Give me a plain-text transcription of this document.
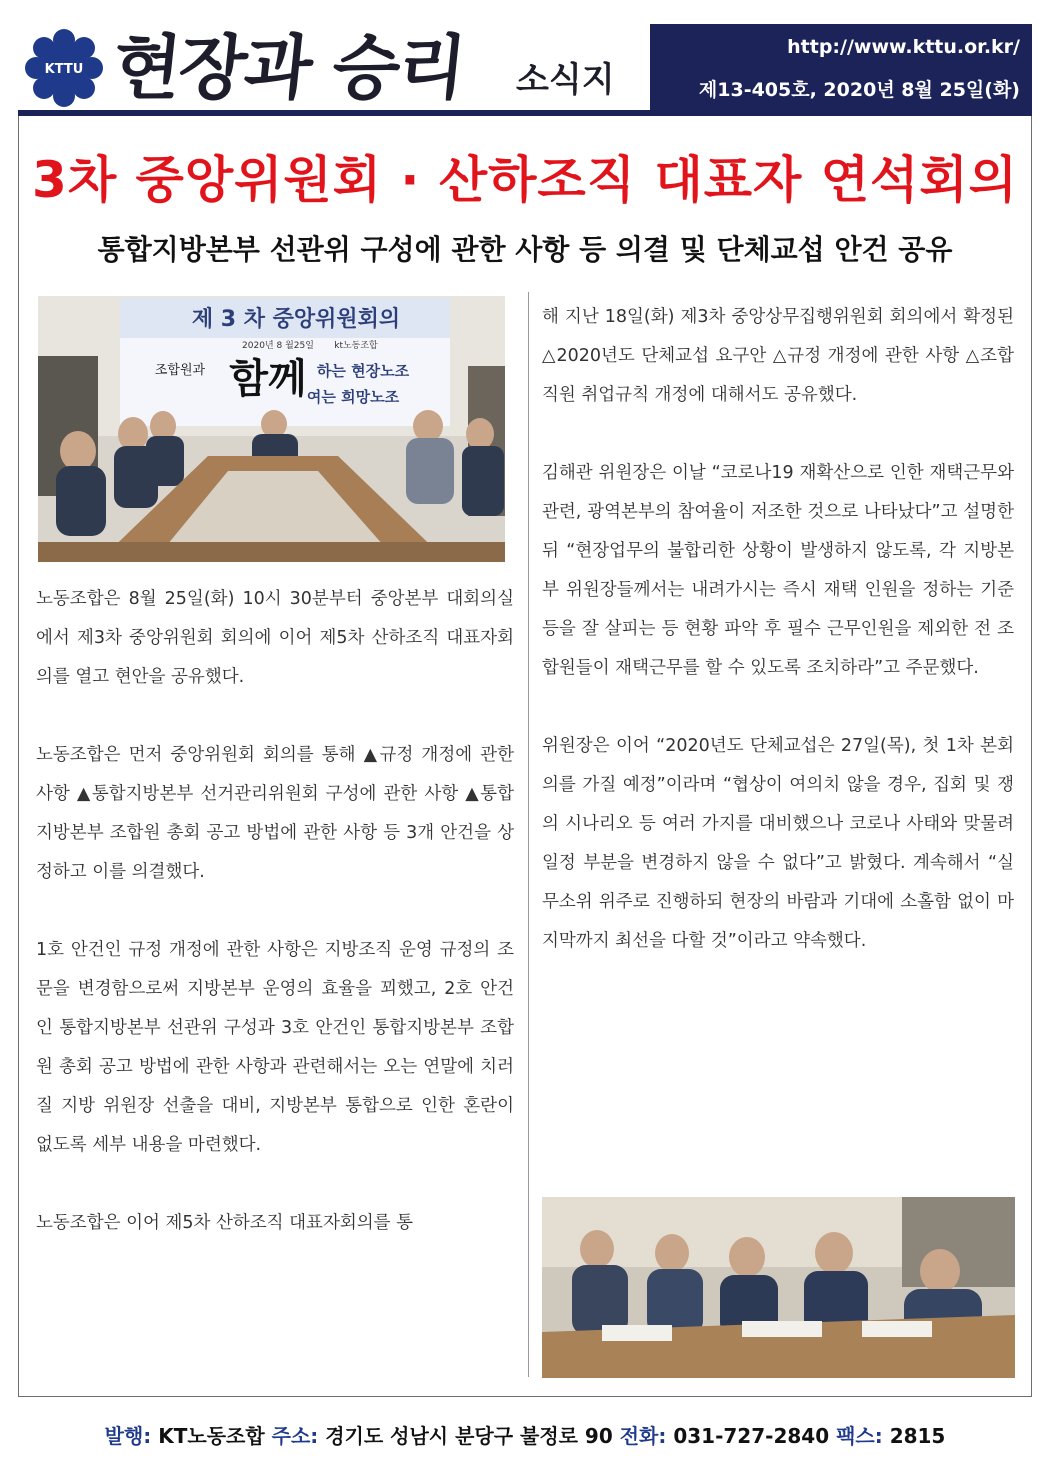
KTTU 현장과 승리 소식지
http://www.kttu.or.kr/
제13-405호, 2020년 8월 25일(화)
3차 중앙위원회 · 산하조직 대표자 연석회의
통합지방본부 선관위 구성에 관한 사항 등 의결 및 단체교섭 안건 공유
제 3 차 중앙위원회의
2020년 8 월25일 kt노동조합
조합원과 함께 하는 현장노조
여는 희망노조

노동조합은 8월 25일(화) 10시 30분부터 중앙본부 대회의실에서 제3차 중앙위원회 회의에 이어 제5차 산하조직 대표자회의를 열고 현안을 공유했다.

노동조합은 먼저 중앙위원회 회의를 통해 ▲규정 개정에 관한 사항 ▲통합지방본부 선거관리위원회 구성에 관한 사항 ▲통합지방본부 조합원 총회 공고 방법에 관한 사항 등 3개 안건을 상정하고 이를 의결했다.

1호 안건인 규정 개정에 관한 사항은 지방조직 운영 규정의 조문을 변경함으로써 지방본부 운영의 효율을 꾀했고, 2호 안건인 통합지방본부 선관위 구성과 3호 안건인 통합지방본부 조합원 총회 공고 방법에 관한 사항과 관련해서는 오는 연말에 치러질 지방 위원장 선출을 대비, 지방본부 통합으로 인한 혼란이 없도록 세부 내용을 마련했다.

노동조합은 이어 제5차 산하조직 대표자회의를 통

해 지난 18일(화) 제3차 중앙상무집행위원회 회의에서 확정된 △2020년도 단체교섭 요구안 △규정 개정에 관한 사항 △조합 직원 취업규칙 개정에 대해서도 공유했다.

김해관 위원장은 이날 “코로나19 재확산으로 인한 재택근무와 관련, 광역본부의 참여율이 저조한 것으로 나타났다”고 설명한 뒤 “현장업무의 불합리한 상황이 발생하지 않도록, 각 지방본부 위원장들께서는 내려가시는 즉시 재택 인원을 정하는 기준 등을 잘 살피는 등 현황 파악 후 필수 근무인원을 제외한 전 조합원들이 재택근무를 할 수 있도록 조치하라”고 주문했다.

위원장은 이어 “2020년도 단체교섭은 27일(목), 첫 1차 본회의를 가질 예정”이라며 “협상이 여의치 않을 경우, 집회 및 쟁의 시나리오 등 여러 가지를 대비했으나 코로나 사태와 맞물려 일정 부분을 변경하지 않을 수 없다”고 밝혔다. 계속해서 “실무소위 위주로 진행하되 현장의 바람과 기대에 소홀함 없이 마지막까지 최선을 다할 것”이라고 약속했다.

발행: KT노동조합 주소: 경기도 성남시 분당구 불정로 90 전화: 031-727-2840 팩스: 2815
